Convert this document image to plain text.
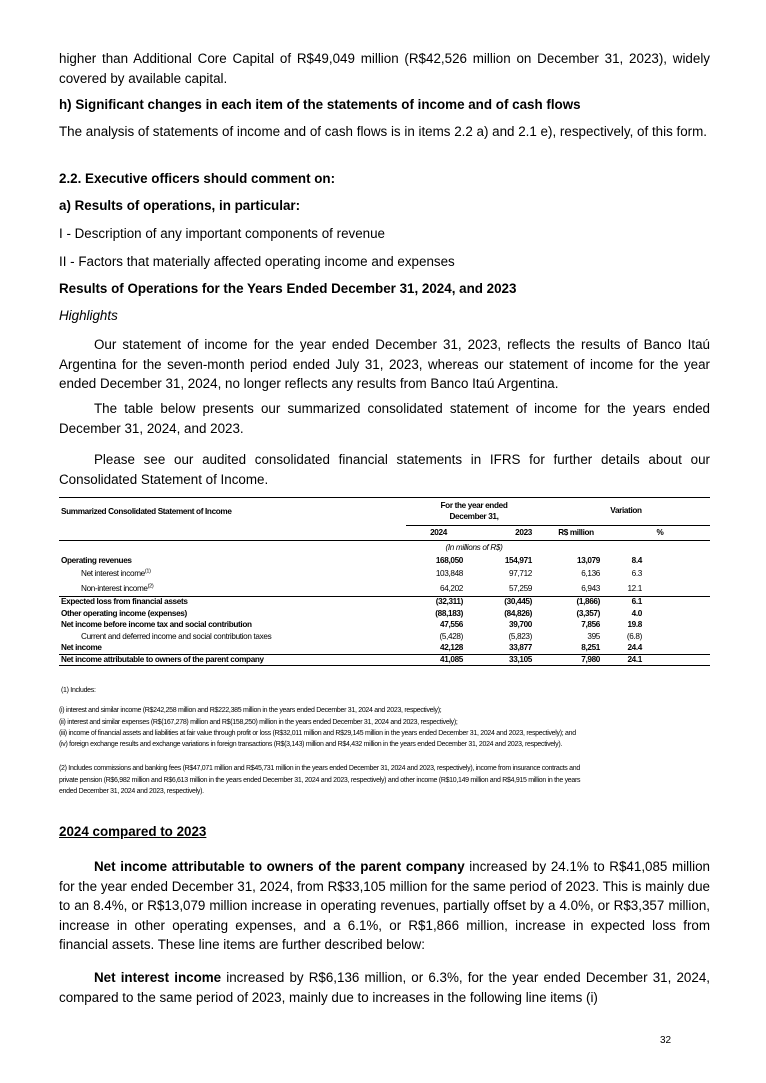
higher than Additional Core Capital of R$49,049 million (R$42,526 million on December 31, 2023), widely covered by available capital.

h) Significant changes in each item of the statements of income and of cash flows

The analysis of statements of income and of cash flows is in items 2.2 a) and 2.1 e), respectively, of this form.

2.2. Executive officers should comment on:

a) Results of operations, in particular:

I - Description of any important components of revenue

II - Factors that materially affected operating income and expenses

Results of Operations for the Years Ended December 31, 2024, and 2023

Highlights

Our statement of income for the year ended December 31, 2023, reflects the results of Banco Itaú Argentina for the seven-month period ended July 31, 2023, whereas our statement of income for the year ended December 31, 2024, no longer reflects any results from Banco Itaú Argentina.

The table below presents our summarized consolidated statement of income for the years ended December 31, 2024, and 2023.

Please see our audited consolidated financial statements in IFRS for further details about our Consolidated Statement of Income.

Summarized Consolidated Statement of Income	For the year ended		Variation		
	December 31,				
	2024	2023	R$ million	%	
	(In millions of R$)				
Operating revenues	168,050	154,971	13,079	8.4	
Net interest income$^{(1)}$	103,848	97,712	6,136	6.3	
Non-interest income$^{(2)}$	64,202	57,259	6,943	12.1	
Expected loss from financial assets	(32,311)	(30,445)	(1,866)	6.1	
Other operating income (expenses)	(88,183)	(84,826)	(3,357)	4.0	
Net income before income tax and social contribution	47,556	39,700	7,856	19.8	
Current and deferred income and social contribution taxes	(5,428)	(5,823)	395	(6.8)	
Net income	42,128	33,877	8,251	24.4	
Net income attributable to owners of the parent company	41,085	33,105	7,980	24.1	

(1) Includes:

(i) interest and similar income (R$242,258 million and R$222,385 million in the years ended December 31, 2024 and 2023, respectively);

(ii) interest and similar expenses (R$(167,278) million and R$(158,250) million in the years ended December 31, 2024 and 2023, respectively);

(iii) income of financial assets and liabilities at fair value through profit or loss (R$32,011 million and R$29,145 million in the years ended December 31, 2024 and 2023, respectively); and

(iv) foreign exchange results and exchange variations in foreign transactions (R$(3,143) million and R$4,432 million in the years ended December 31, 2024 and 2023, respectively).

(2) Includes commissions and banking fees (R$47,071 million and R$45,731 million in the years ended December 31, 2024 and 2023, respectively), income from insurance contracts and

private pension (R$6,982 million and R$6,613 million in the years ended December 31, 2024 and 2023, respectively) and other income (R$10,149 million and R$4,915 million in the years

ended December 31, 2024 and 2023, respectively).

2024 compared to 2023

Net income attributable to owners of the parent company increased by 24.1% to R$41,085 million for the year ended December 31, 2024, from R$33,105 million for the same period of 2023. This is mainly due to an 8.4%, or R$13,079 million increase in operating revenues, partially offset by a 4.0%, or R$3,357 million, increase in other operating expenses, and a 6.1%, or R$1,866 million, increase in expected loss from financial assets. These line items are further described below:

Net interest income increased by R$6,136 million, or 6.3%, for the year ended December 31, 2024, compared to the same period of 2023, mainly due to increases in the following line items (i)

32
